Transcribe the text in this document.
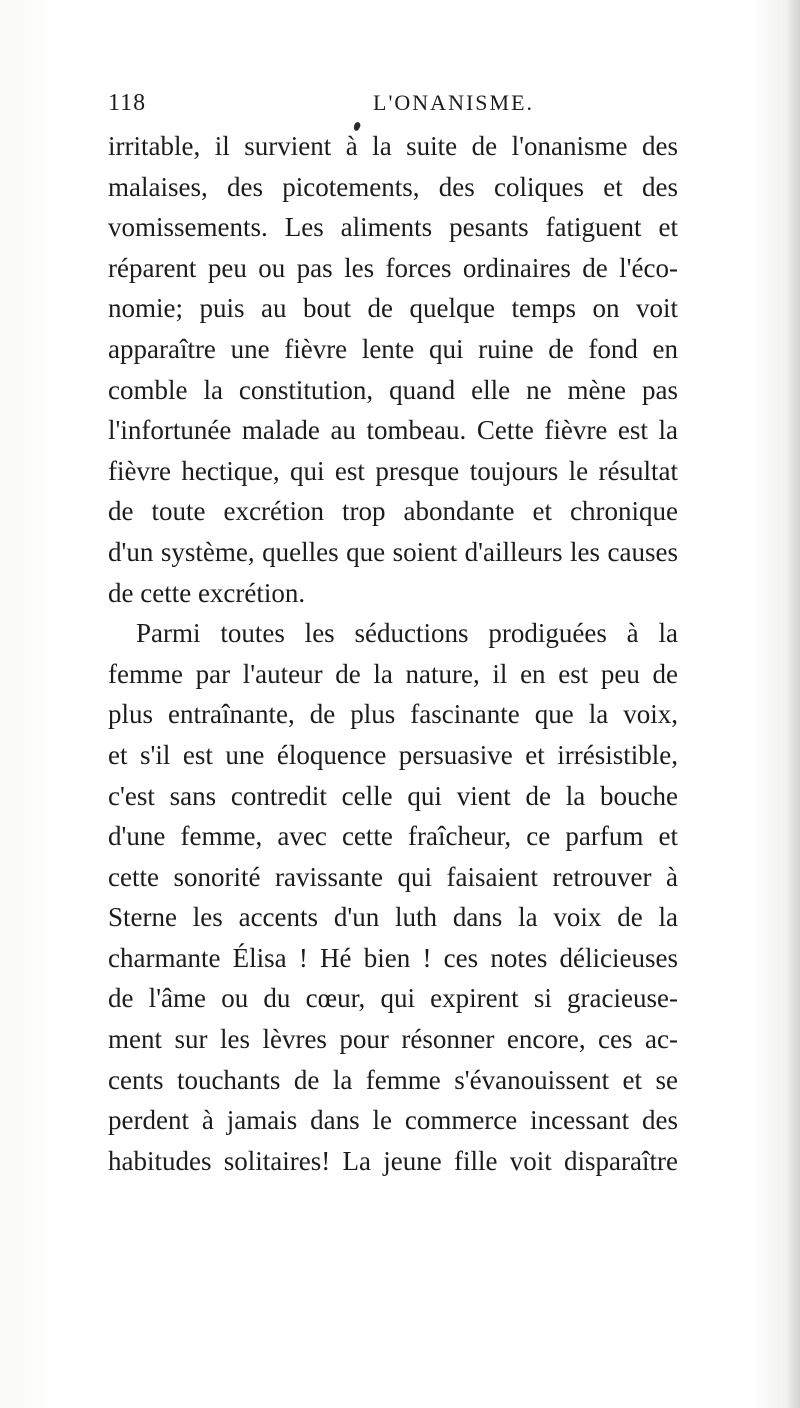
118	L'ONANISME.
irritable, il survient à la suite de l'onanisme des
malaises, des picotements, des coliques et des
vomissements. Les aliments pesants fatiguent et
réparent peu ou pas les forces ordinaires de l'éco-
nomie; puis au bout de quelque temps on voit
apparaître une fièvre lente qui ruine de fond en
comble la constitution, quand elle ne mène pas
l'infortunée malade au tombeau. Cette fièvre est la
fièvre hectique, qui est presque toujours le résultat
de toute excrétion trop abondante et chronique
d'un système, quelles que soient d'ailleurs les causes
de cette excrétion.
Parmi toutes les séductions prodiguées à la
femme par l'auteur de la nature, il en est peu de
plus entraînante, de plus fascinante que la voix,
et s'il est une éloquence persuasive et irrésistible,
c'est sans contredit celle qui vient de la bouche
d'une femme, avec cette fraîcheur, ce parfum et
cette sonorité ravissante qui faisaient retrouver à
Sterne les accents d'un luth dans la voix de la
charmante Élisa ! Hé bien ! ces notes délicieuses
de l'âme ou du cœur, qui expirent si gracieuse-
ment sur les lèvres pour résonner encore, ces ac-
cents touchants de la femme s'évanouissent et se
perdent à jamais dans le commerce incessant des
habitudes solitaires! La jeune fille voit disparaître
